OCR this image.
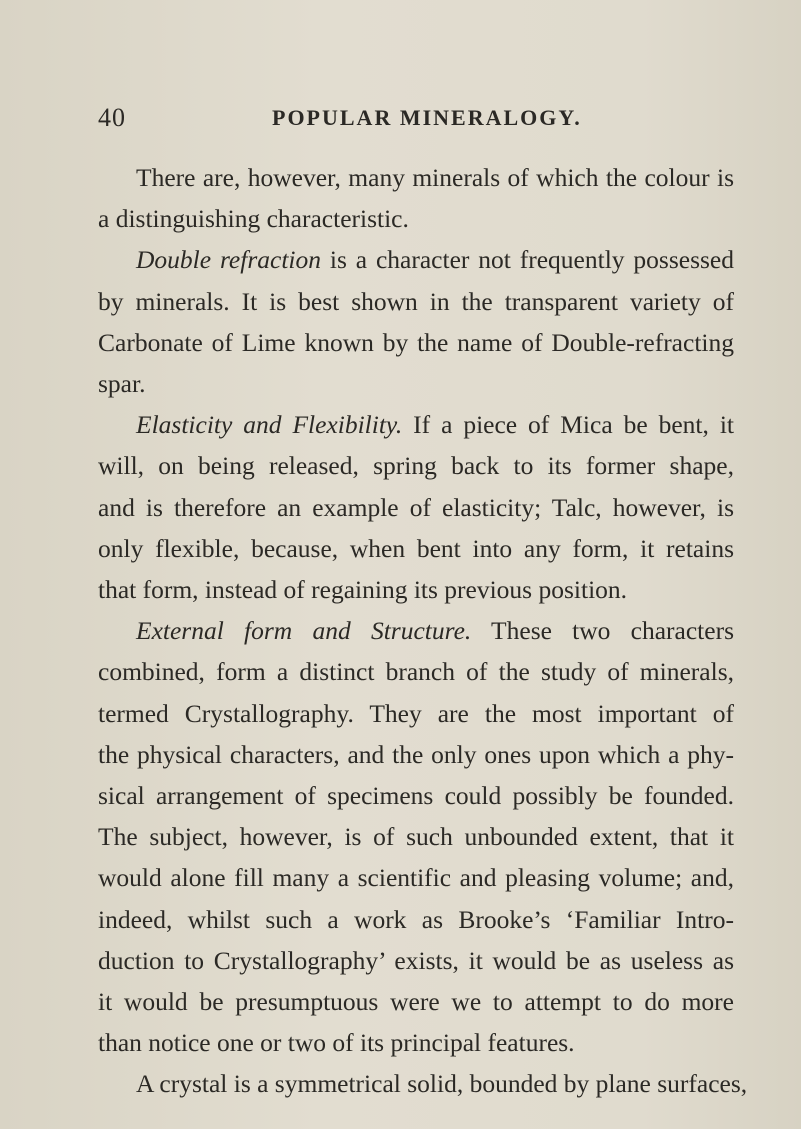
40	POPULAR MINERALOGY.
There are, however, many minerals of which the colour is
a distinguishing characteristic.
Double refraction is a character not frequently possessed
by minerals. It is best shown in the transparent variety of
Carbonate of Lime known by the name of Double-refracting
spar.
Elasticity and Flexibility. If a piece of Mica be bent, it
will, on being released, spring back to its former shape,
and is therefore an example of elasticity; Talc, however, is
only flexible, because, when bent into any form, it retains
that form, instead of regaining its previous position.
External form and Structure. These two characters
combined, form a distinct branch of the study of minerals,
termed Crystallography. They are the most important of
the physical characters, and the only ones upon which a phy-
sical arrangement of specimens could possibly be founded.
The subject, however, is of such unbounded extent, that it
would alone fill many a scientific and pleasing volume; and,
indeed, whilst such a work as Brooke’s ‘Familiar Intro-
duction to Crystallography’ exists, it would be as useless as
it would be presumptuous were we to attempt to do more
than notice one or two of its principal features.
A crystal is a symmetrical solid, bounded by plane surfaces,
